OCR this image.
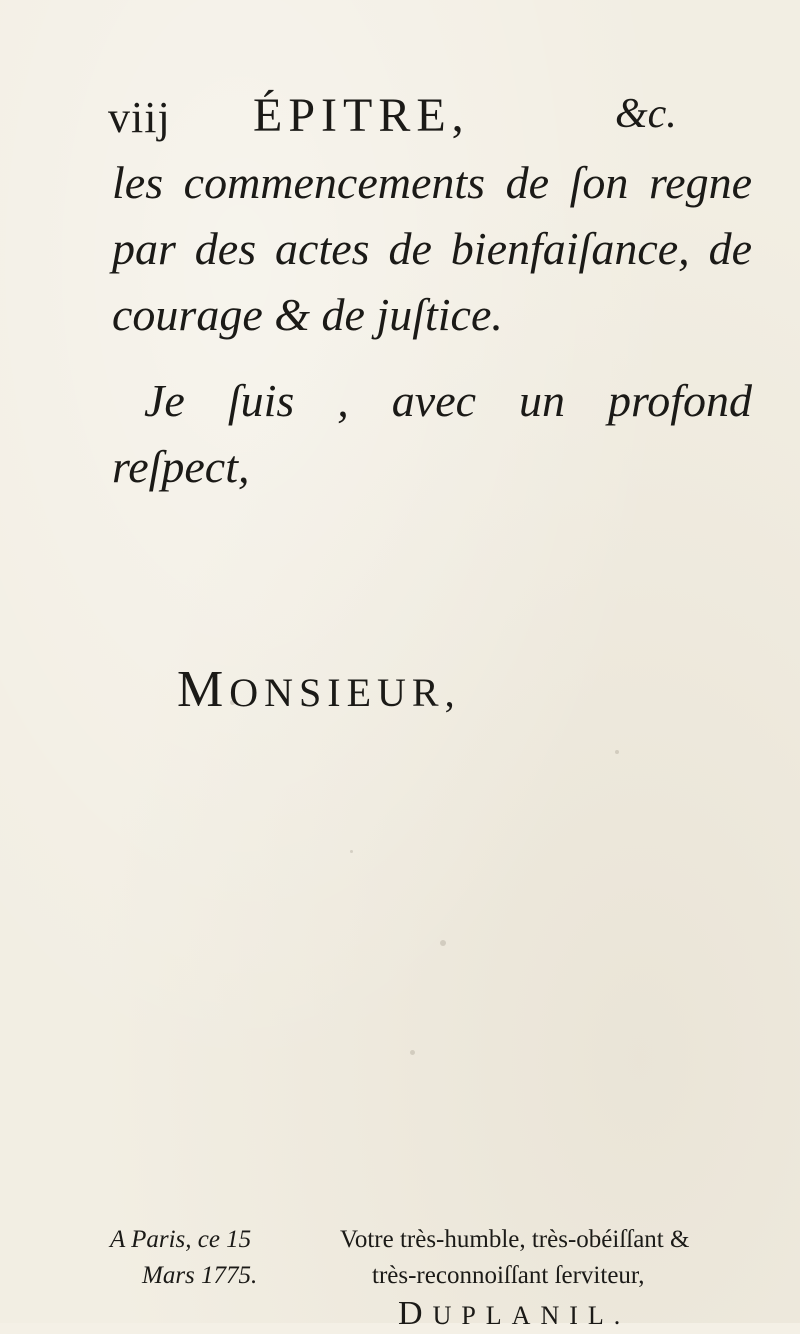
viij ÉPITRE,	&c.
les commencements de ſon regne
par des actes de bienfaiſance, de
courage & de juſtice.
Je ſuis , avec un profond
reſpect,
MONSIEUR,
A Paris, ce 15
Mars 1775.
Votre très-humble, très-obéiſſant &
très-reconnoiſſant ſerviteur,
DUPLANIL.
